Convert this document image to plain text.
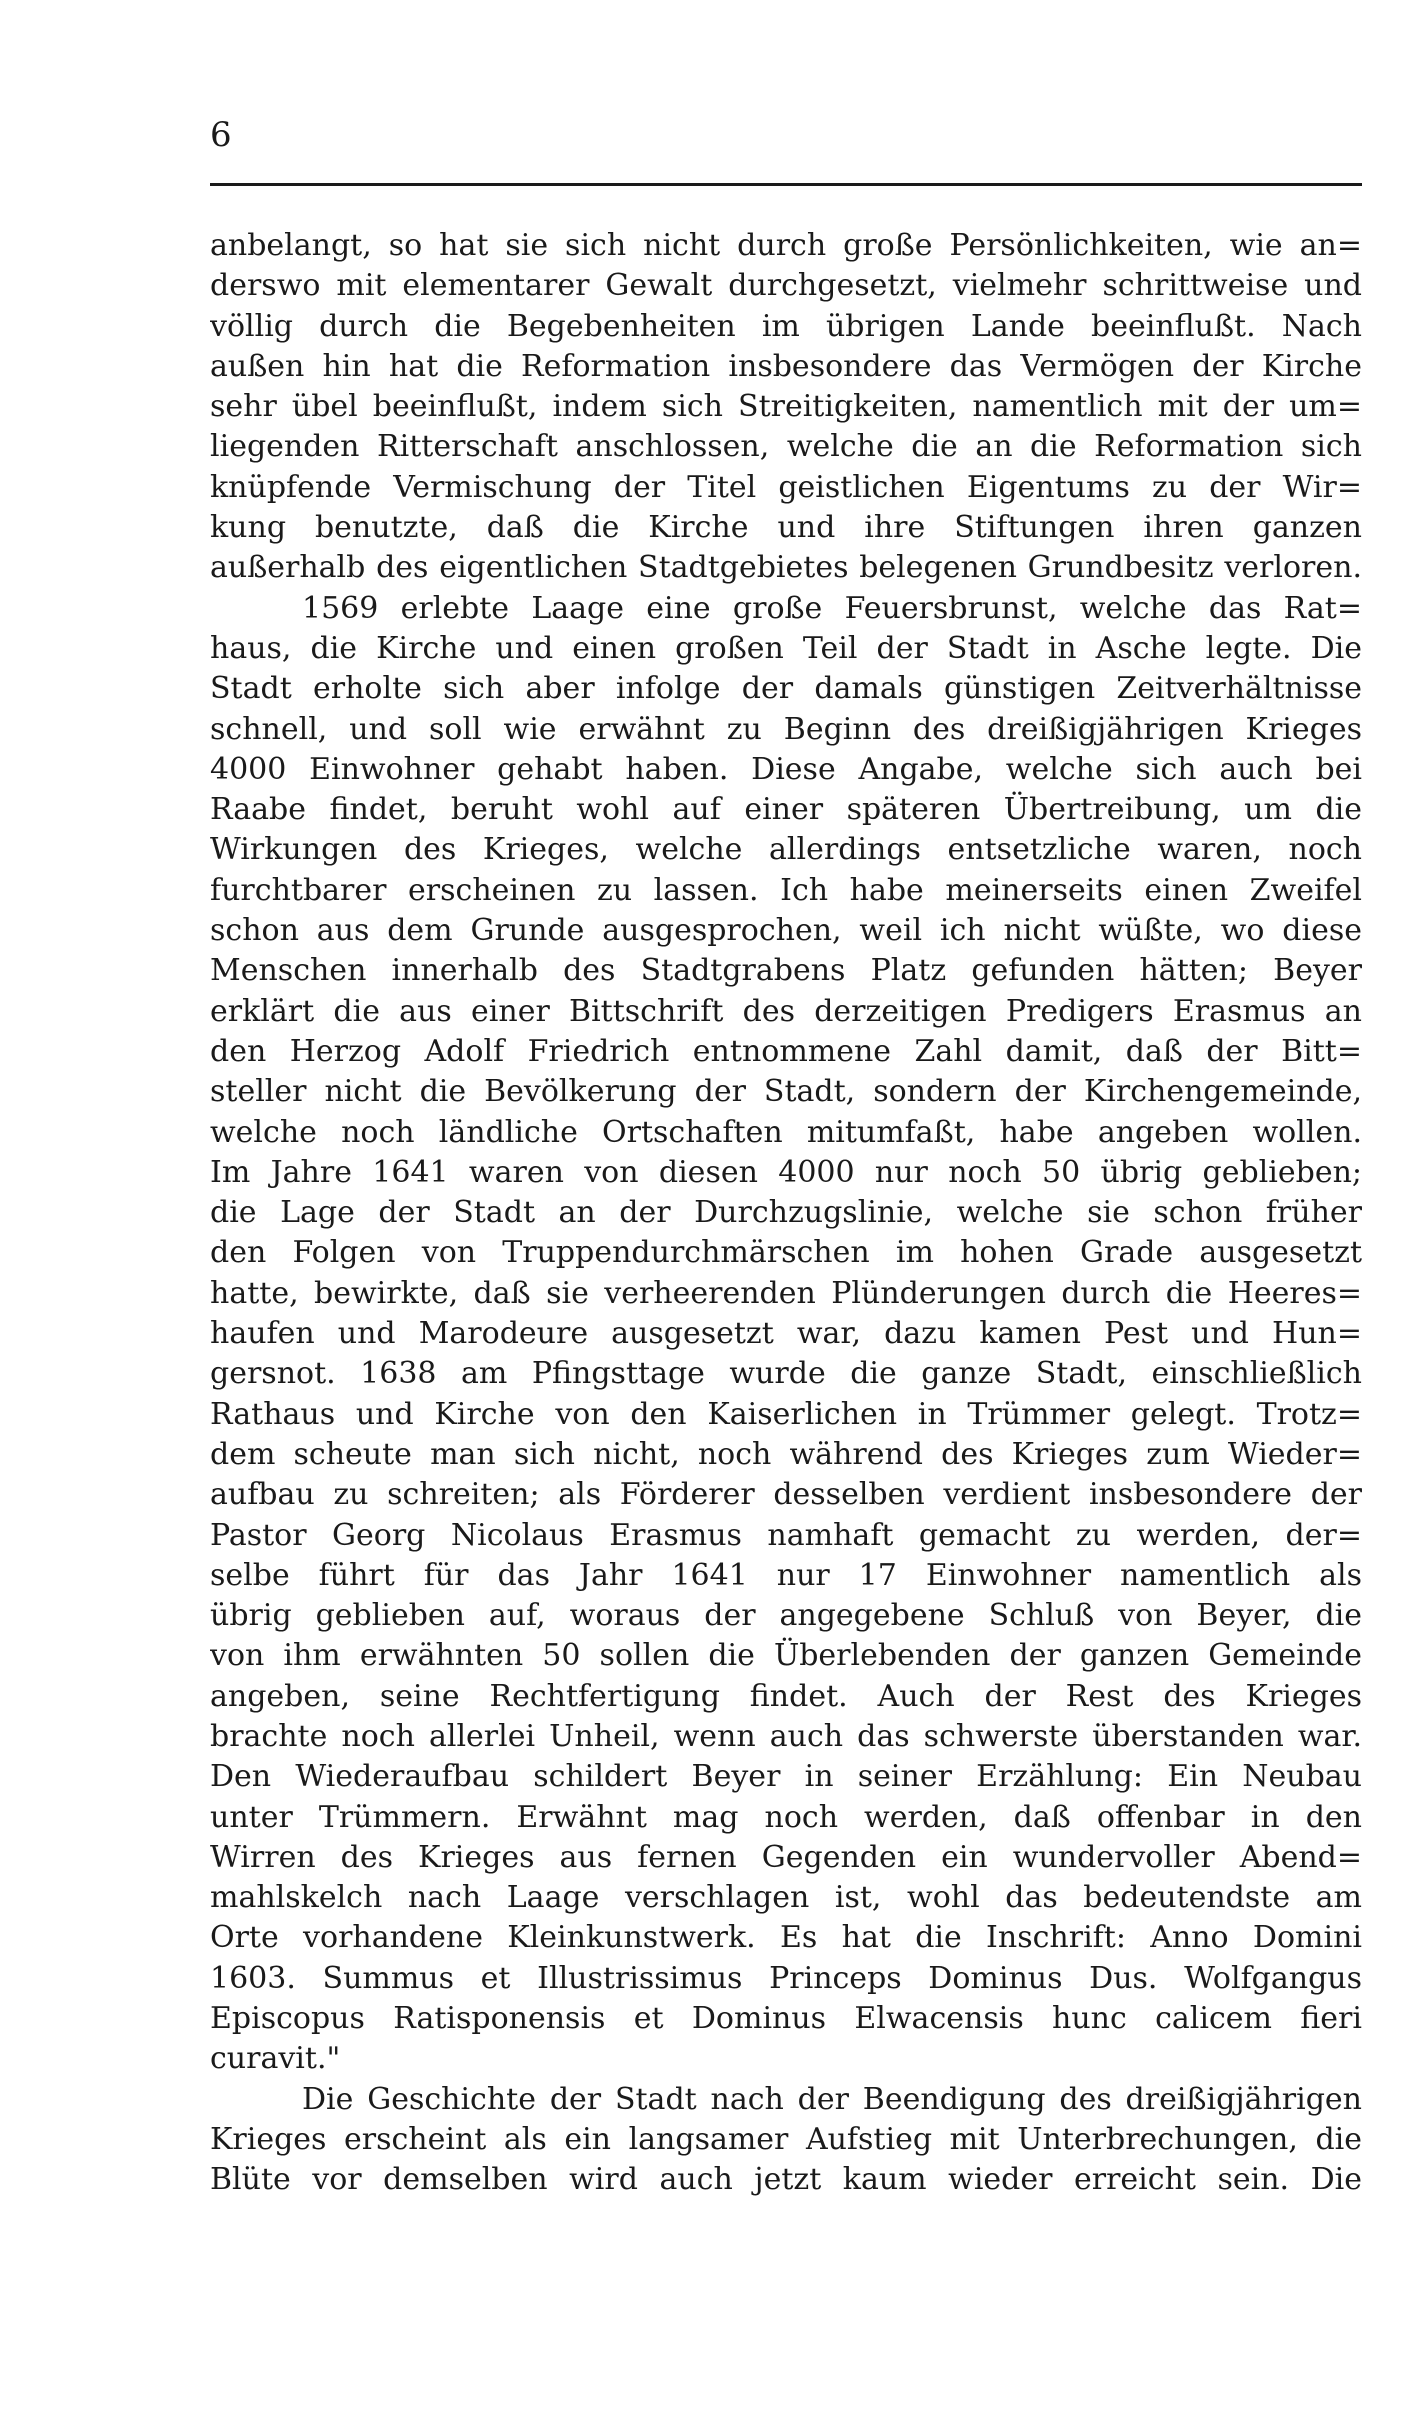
6
anbelangt, so hat sie sich nicht durch große Persönlichkeiten, wie an=
derswo mit elementarer Gewalt durchgesetzt, vielmehr schrittweise und
völlig durch die Begebenheiten im übrigen Lande beeinflußt. Nach
außen hin hat die Reformation insbesondere das Vermögen der Kirche
sehr übel beeinflußt, indem sich Streitigkeiten, namentlich mit der um=
liegenden Ritterschaft anschlossen, welche die an die Reformation sich
knüpfende Vermischung der Titel geistlichen Eigentums zu der Wir=
kung benutzte, daß die Kirche und ihre Stiftungen ihren ganzen
außerhalb des eigentlichen Stadtgebietes belegenen Grundbesitz verloren.
1569 erlebte Laage eine große Feuersbrunst, welche das Rat=
haus, die Kirche und einen großen Teil der Stadt in Asche legte. Die
Stadt erholte sich aber infolge der damals günstigen Zeitverhältnisse
schnell, und soll wie erwähnt zu Beginn des dreißigjährigen Krieges
4000 Einwohner gehabt haben. Diese Angabe, welche sich auch bei
Raabe findet, beruht wohl auf einer späteren Übertreibung, um die
Wirkungen des Krieges, welche allerdings entsetzliche waren, noch
furchtbarer erscheinen zu lassen. Ich habe meinerseits einen Zweifel
schon aus dem Grunde ausgesprochen, weil ich nicht wüßte, wo diese
Menschen innerhalb des Stadtgrabens Platz gefunden hätten; Beyer
erklärt die aus einer Bittschrift des derzeitigen Predigers Erasmus an
den Herzog Adolf Friedrich entnommene Zahl damit, daß der Bitt=
steller nicht die Bevölkerung der Stadt, sondern der Kirchengemeinde,
welche noch ländliche Ortschaften mitumfaßt, habe angeben wollen.
Im Jahre 1641 waren von diesen 4000 nur noch 50 übrig geblieben;
die Lage der Stadt an der Durchzugslinie, welche sie schon früher
den Folgen von Truppendurchmärschen im hohen Grade ausgesetzt
hatte, bewirkte, daß sie verheerenden Plünderungen durch die Heeres=
haufen und Marodeure ausgesetzt war, dazu kamen Pest und Hun=
gersnot. 1638 am Pfingsttage wurde die ganze Stadt, einschließlich
Rathaus und Kirche von den Kaiserlichen in Trümmer gelegt. Trotz=
dem scheute man sich nicht, noch während des Krieges zum Wieder=
aufbau zu schreiten; als Förderer desselben verdient insbesondere der
Pastor Georg Nicolaus Erasmus namhaft gemacht zu werden, der=
selbe führt für das Jahr 1641 nur 17 Einwohner namentlich als
übrig geblieben auf, woraus der angegebene Schluß von Beyer, die
von ihm erwähnten 50 sollen die Überlebenden der ganzen Gemeinde
angeben, seine Rechtfertigung findet. Auch der Rest des Krieges
brachte noch allerlei Unheil, wenn auch das schwerste überstanden war.
Den Wiederaufbau schildert Beyer in seiner Erzählung: Ein Neubau
unter Trümmern. Erwähnt mag noch werden, daß offenbar in den
Wirren des Krieges aus fernen Gegenden ein wundervoller Abend=
mahlskelch nach Laage verschlagen ist, wohl das bedeutendste am
Orte vorhandene Kleinkunstwerk. Es hat die Inschrift: Anno Domini
1603. Summus et Illustrissimus Princeps Dominus Dus. Wolfgangus
Episcopus Ratisponensis et Dominus Elwacensis hunc calicem fieri
curavit."
Die Geschichte der Stadt nach der Beendigung des dreißigjährigen
Krieges erscheint als ein langsamer Aufstieg mit Unterbrechungen, die
Blüte vor demselben wird auch jetzt kaum wieder erreicht sein. Die
